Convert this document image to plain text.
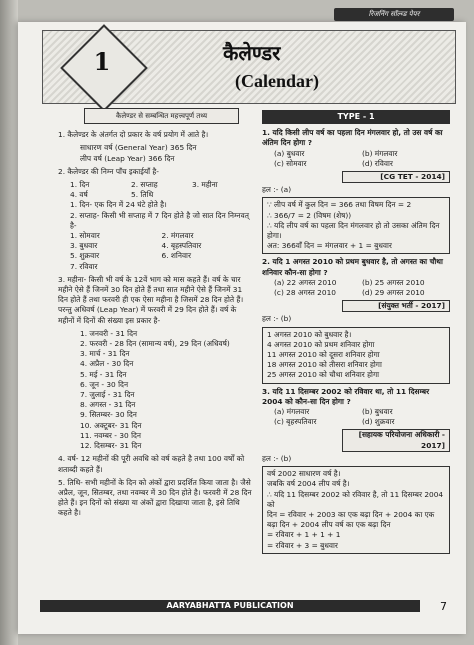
रिजनिंग सॉल्व्ड पेपर
1	कैलेण्डर
(Calendar)
कैलेण्डर से सम्बन्धित महत्त्वपूर्ण तथ्य
1. कैलेण्डर के अंतर्गत दो प्रकार के वर्ष प्रयोग में आते है।
साधारण वर्ष (General Year) 365 दिन
लीप वर्ष (Leap Year) 366 दिन
2. कैलेण्डर की निम्न पाँच इकाईयाँ है-
1. दिन	2. सप्ताह	3. महीना
4. वर्ष	5. तिथि
1. दिन- एक दिन में 24 घंटे होते है।
2. सप्ताह- किसी भी सप्ताह में 7 दिन होते है जो सात दिन निम्नवत् है-
1. सोमवार	2. मंगलवार
3. बुधवार	4. बृहस्पतिवार
5. शुक्रवार	6. शनिवार
7. रविवार
3. महीना- किसी भी वर्ष के 12वें भाग को मास कहते हैं। वर्ष के चार महीने ऐसे हैं जिनमें 30 दिन होते हैं तथा सात महीने ऐसे हैं जिनमें 31 दिन होते हैं तथा फरवरी ही एक ऐसा महीना है जिसमें 28 दिन होते हैं। परन्तु अधिवर्ष (Leap Year) में फरवरी में 29 दिन होते हैं। वर्ष के महीनों में दिनों की संख्या इस प्रकार है-
1. जनवरी - 31 दिन
2. फरवरी - 28 दिन (सामान्य वर्ष), 29 दिन (अधिवर्ष)
3. मार्च - 31 दिन
4. अप्रैल - 30 दिन
5. मई - 31 दिन
6. जून - 30 दिन
7. जुलाई - 31 दिन
8. अगस्त - 31 दिन
9. सितम्बर- 30 दिन
10. अक्टूबर- 31 दिन
11. नवम्बर - 30 दिन
12. दिसम्बर- 31 दिन
4. वर्ष- 12 महीनों की पूरी अवधि को वर्ष कहते है तथा 100 वर्षों को शताब्दी कहते हैं।
5. तिथि- सभी महीनों के दिन को अंकों द्वारा प्रदर्शित किया जाता है। जैसे अप्रैल, जून, सितम्बर, तथा नवम्बर में 30 दिन होते है। फरवरी में 28 दिन होते हैं। इन दिनों को संख्या या अंकों द्वारा दिखाया जाता है, इसे तिथि कहते है।
TYPE - 1
1. यदि किसी लीप वर्ष का पहला दिन मंगलवार हो, तो उस वर्ष का अंतिम दिन होगा ?
(a) बुधवार	(b) मंगलवार
(c) सोमवार	(d) रविवार
[CG TET - 2014]
हल :- (a)
∵ लीप वर्ष में कुल दिन = 366 तथा विषम दिन = 2
∴ 366/7 = 2 (विषम (शेष))
∴ यदि लीप वर्ष का पहला दिन मंगलवार हो तो उसका अंतिम दिन होगा।
अत: 366वाँ दिन = मंगलवार + 1 = बुधवार
2. यदि 1 अगस्त 2010 को प्रथम बुधवार है, तो अगस्त का चौथा शनिवार कौन-सा होगा ?
(a) 22 अगस्त 2010	(b) 25 अगस्त 2010
(c) 28 अगस्त 2010	(d) 29 अगस्त 2010
[संयुक्त भर्ती - 2017]
हल :- (b)
1 अगस्त 2010 को बुधवार है।
4 अगस्त 2010 को प्रथम शनिवार होगा
11 अगस्त 2010 को दूसरा शनिवार होगा
18 अगस्त 2010 को तीसरा शनिवार होगा
25 अगस्त 2010 को चौथा शनिवार होगा
3. यदि 11 दिसम्बर 2002 को रविवार था, तो 11 दिसम्बर 2004 को कौन-सा दिन होगा ?
(a) मंगलवार	(b) बुधवार
(c) बृहस्पतिवार	(d) शुक्रवार
[सहायक परियोजना अधिकारी - 2017]
हल :- (b)
वर्ष 2002 साधारण वर्ष है।
जबकि वर्ष 2004 लीप वर्ष है।
∴ यदि 11 दिसम्बर 2002 को रविवार है, तो 11 दिसम्बर 2004 को
दिन = रविवार + 2003 का एक बढ़ा दिन + 2004 का एक
बढ़ा दिन + 2004 लीप वर्ष का एक बढ़ा दिन
= रविवार + 1 + 1 + 1
= रविवार + 3 = बुधवार
AARYABHATTA PUBLICATION	7
